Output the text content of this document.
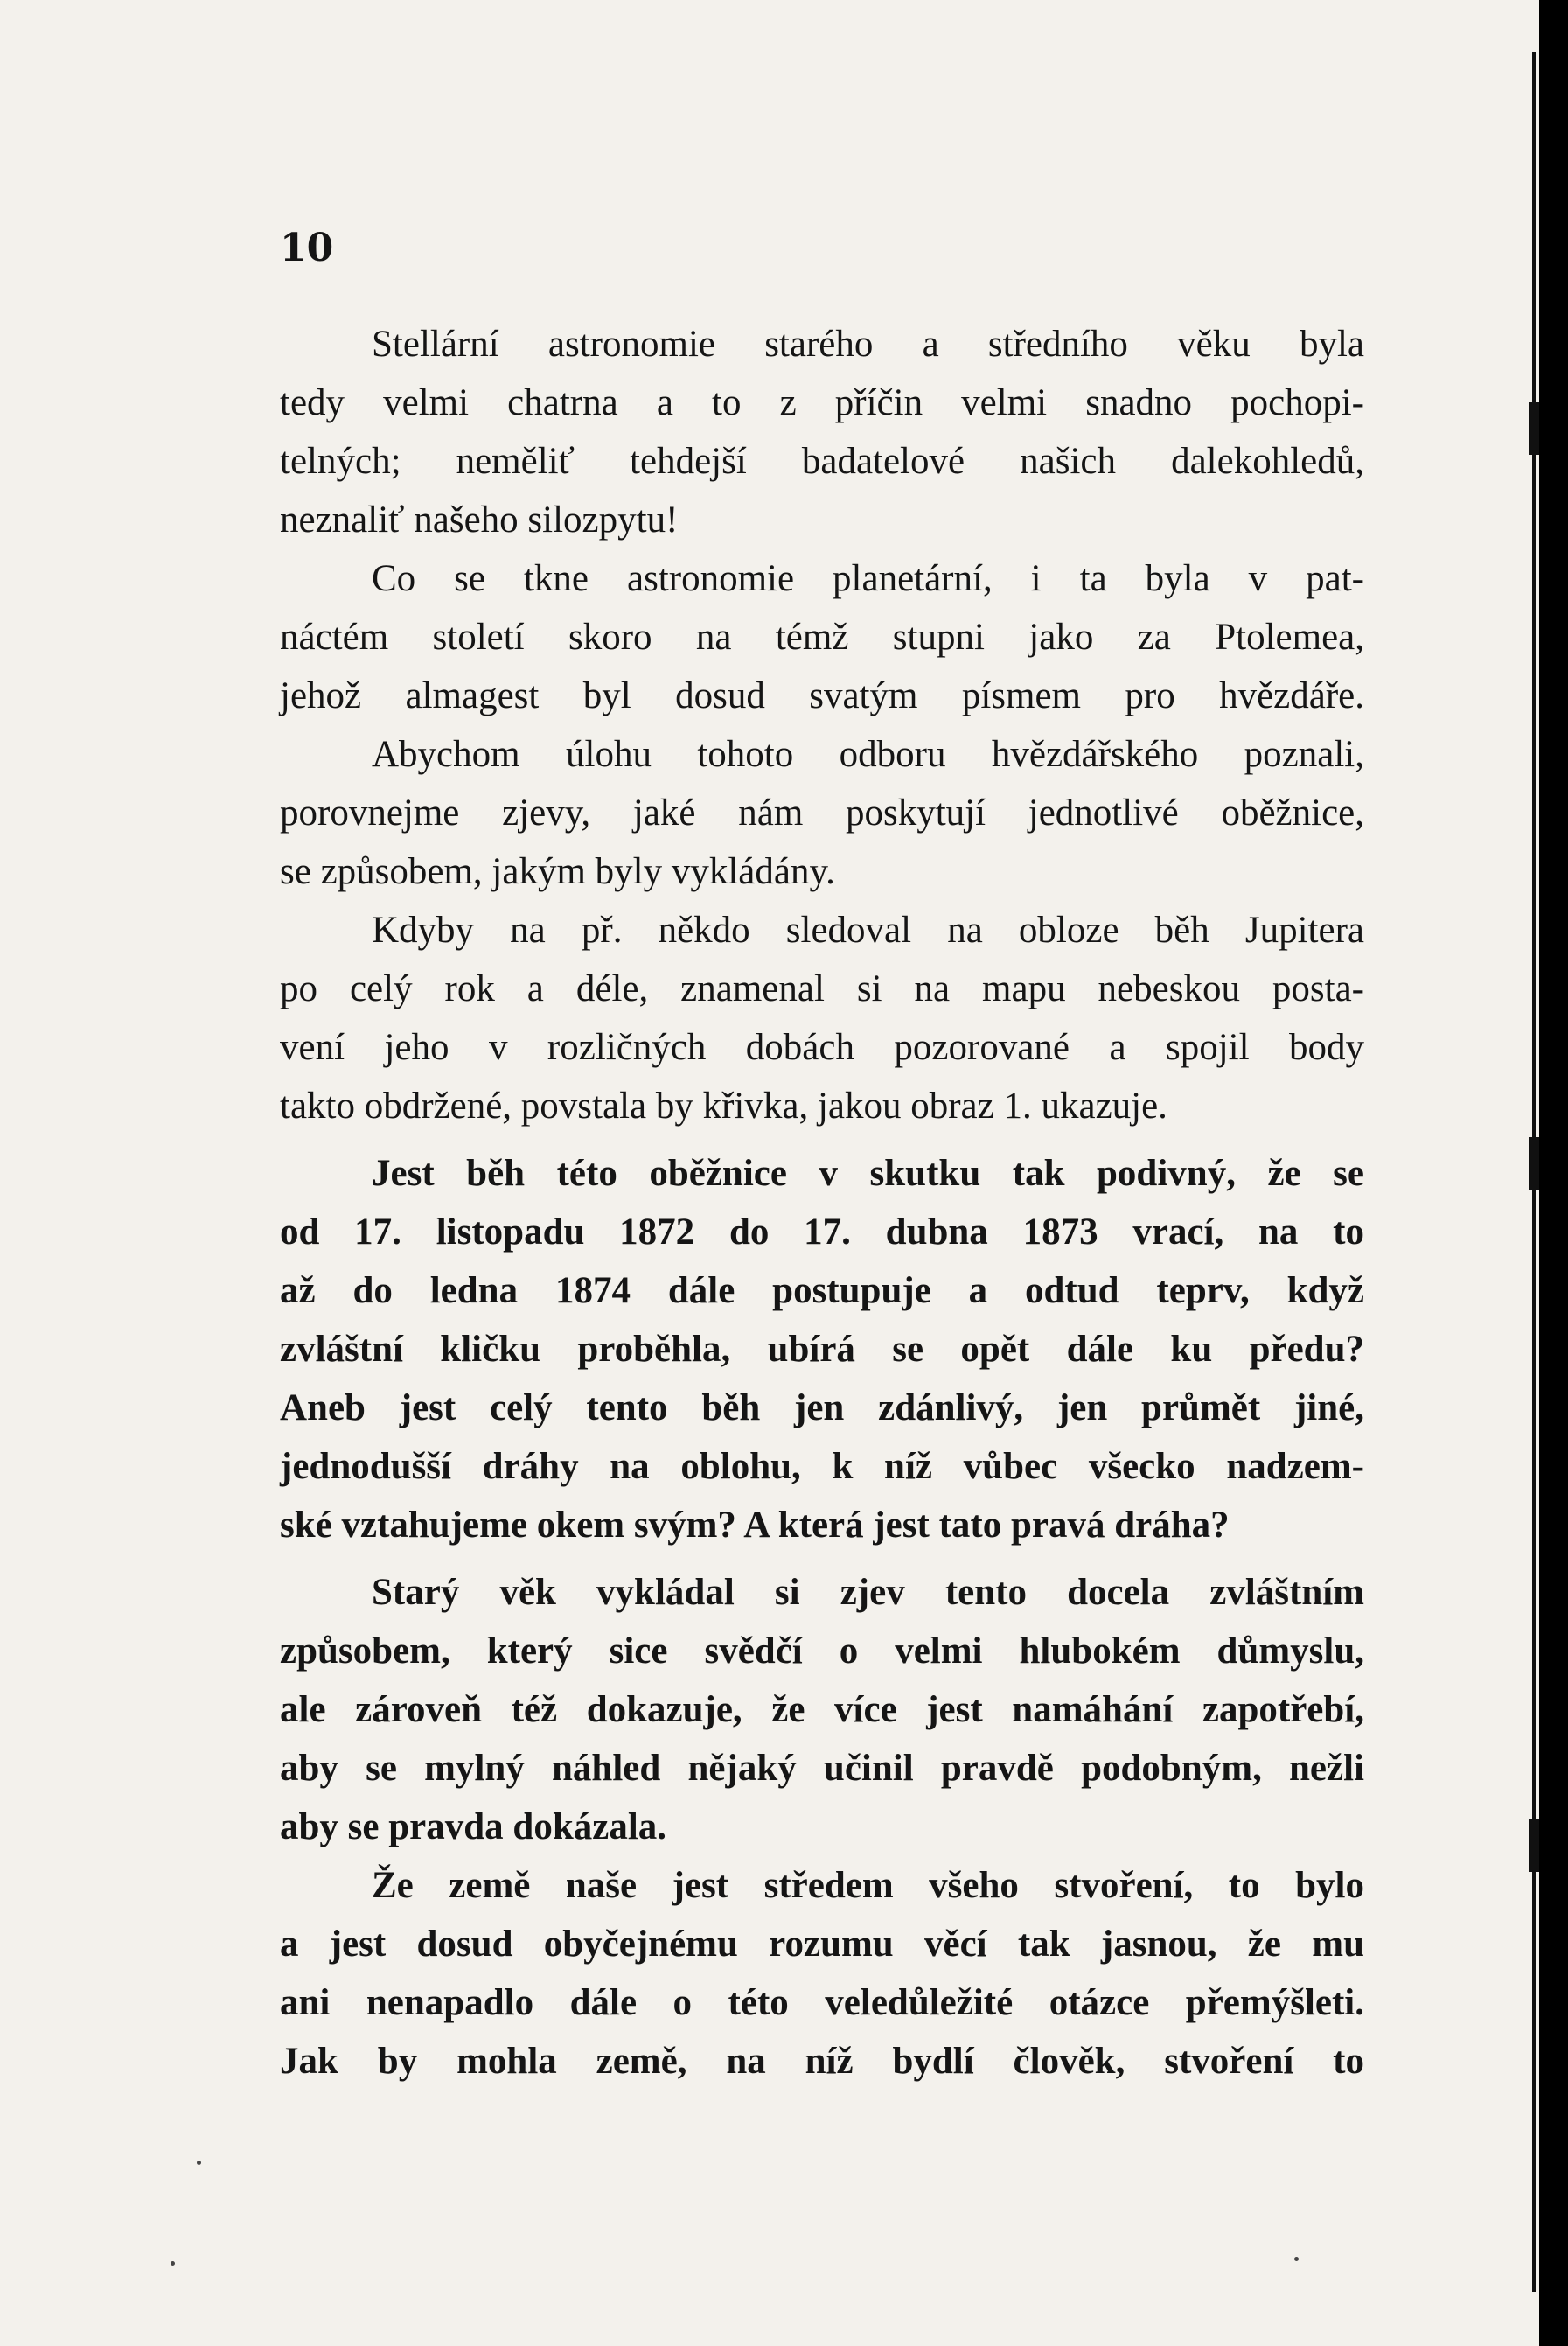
10
Stellární astronomie starého a středního věku byla
tedy velmi chatrna a to z příčin velmi snadno pochopi-
telných; neměliť tehdejší badatelové našich dalekohledů,
neznaliť našeho silozpytu!
Co se tkne astronomie planetární, i ta byla v pat-
náctém století skoro na témž stupni jako za Ptolemea,
jehož almagest byl dosud svatým písmem pro hvězdáře.
Abychom úlohu tohoto odboru hvězdářského poznali,
porovnejme zjevy, jaké nám poskytují jednotlivé oběžnice,
se způsobem, jakým byly vykládány.
Kdyby na př. někdo sledoval na obloze běh Jupitera
po celý rok a déle, znamenal si na mapu nebeskou posta-
vení jeho v rozličných dobách pozorované a spojil body
takto obdržené, povstala by křivka, jakou obraz 1. ukazuje.
Jest běh této oběžnice v skutku tak podivný, že se
od 17. listopadu 1872 do 17. dubna 1873 vrací, na to
až do ledna 1874 dále postupuje a odtud teprv, když
zvláštní kličku proběhla, ubírá se opět dále ku předu?
Aneb jest celý tento běh jen zdánlivý, jen průmět jiné,
jednodušší dráhy na oblohu, k níž vůbec všecko nadzem-
ské vztahujeme okem svým? A která jest tato pravá dráha?
Starý věk vykládal si zjev tento docela zvláštním
způsobem, který sice svědčí o velmi hlubokém důmyslu,
ale zároveň též dokazuje, že více jest namáhání zapotřebí,
aby se mylný náhled nějaký učinil pravdě podobným, nežli
aby se pravda dokázala.
Že země naše jest středem všeho stvoření, to bylo
a jest dosud obyčejnému rozumu věcí tak jasnou, že mu
ani nenapadlo dále o této veledůležité otázce přemýšleti.
Jak by mohla země, na níž bydlí člověk, stvoření to
